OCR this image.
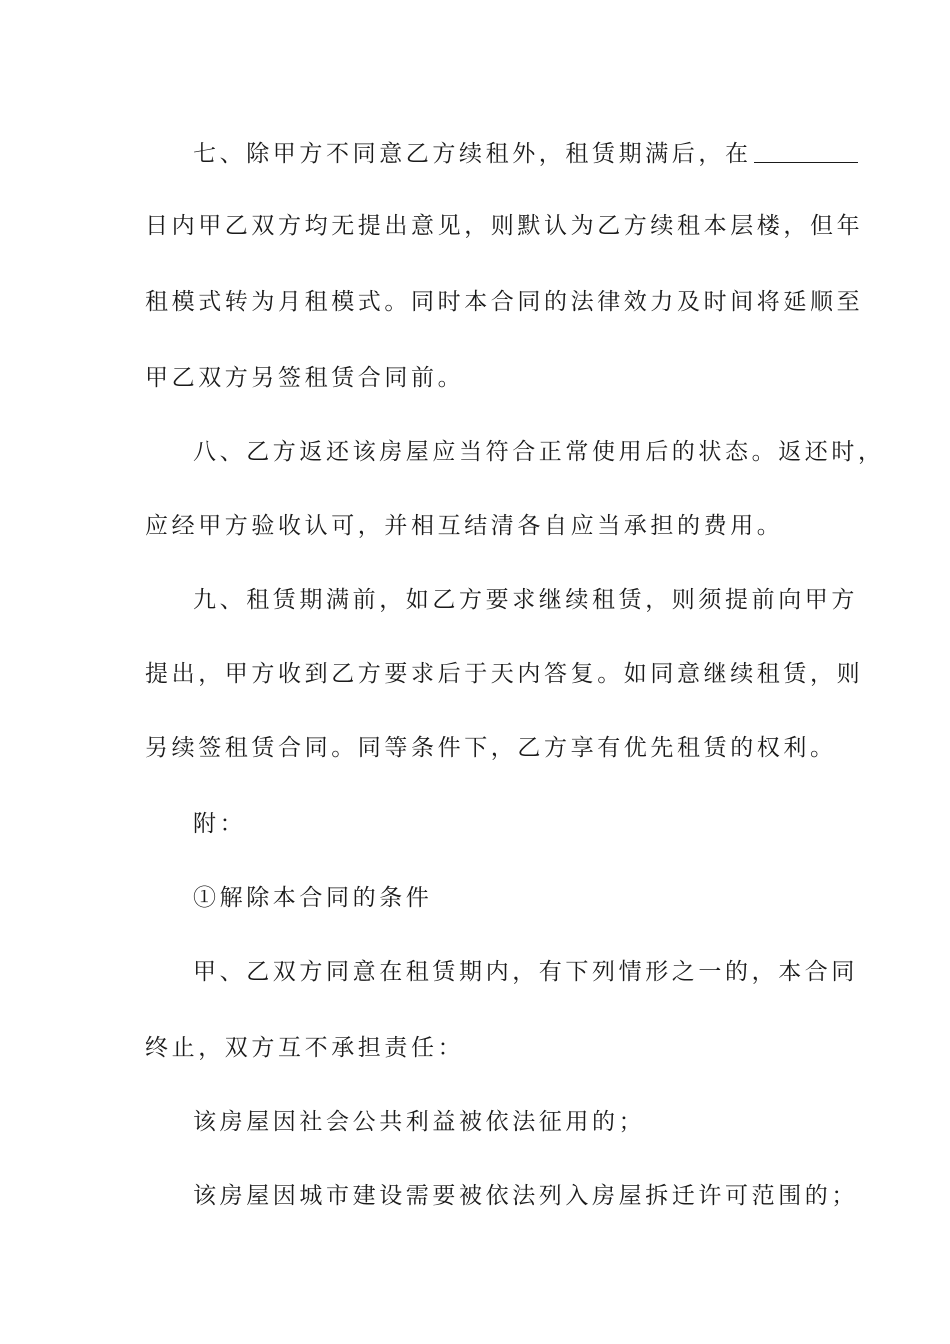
七、除甲方不同意乙方续租外，租赁期满后，在
日内甲乙双方均无提出意见，则默认为乙方续租本层楼，但年
租模式转为月租模式。同时本合同的法律效力及时间将延顺至
甲乙双方另签租赁合同前。
八、乙方返还该房屋应当符合正常使用后的状态。返还时，
应经甲方验收认可，并相互结清各自应当承担的费用。
九、租赁期满前，如乙方要求继续租赁，则须提前向甲方
提出，甲方收到乙方要求后于天内答复。如同意继续租赁，则
另续签租赁合同。同等条件下，乙方享有优先租赁的权利。
附：
①解除本合同的条件
甲、乙双方同意在租赁期内，有下列情形之一的，本合同
终止，双方互不承担责任：
该房屋因社会公共利益被依法征用的；
该房屋因城市建设需要被依法列入房屋拆迁许可范围的；
